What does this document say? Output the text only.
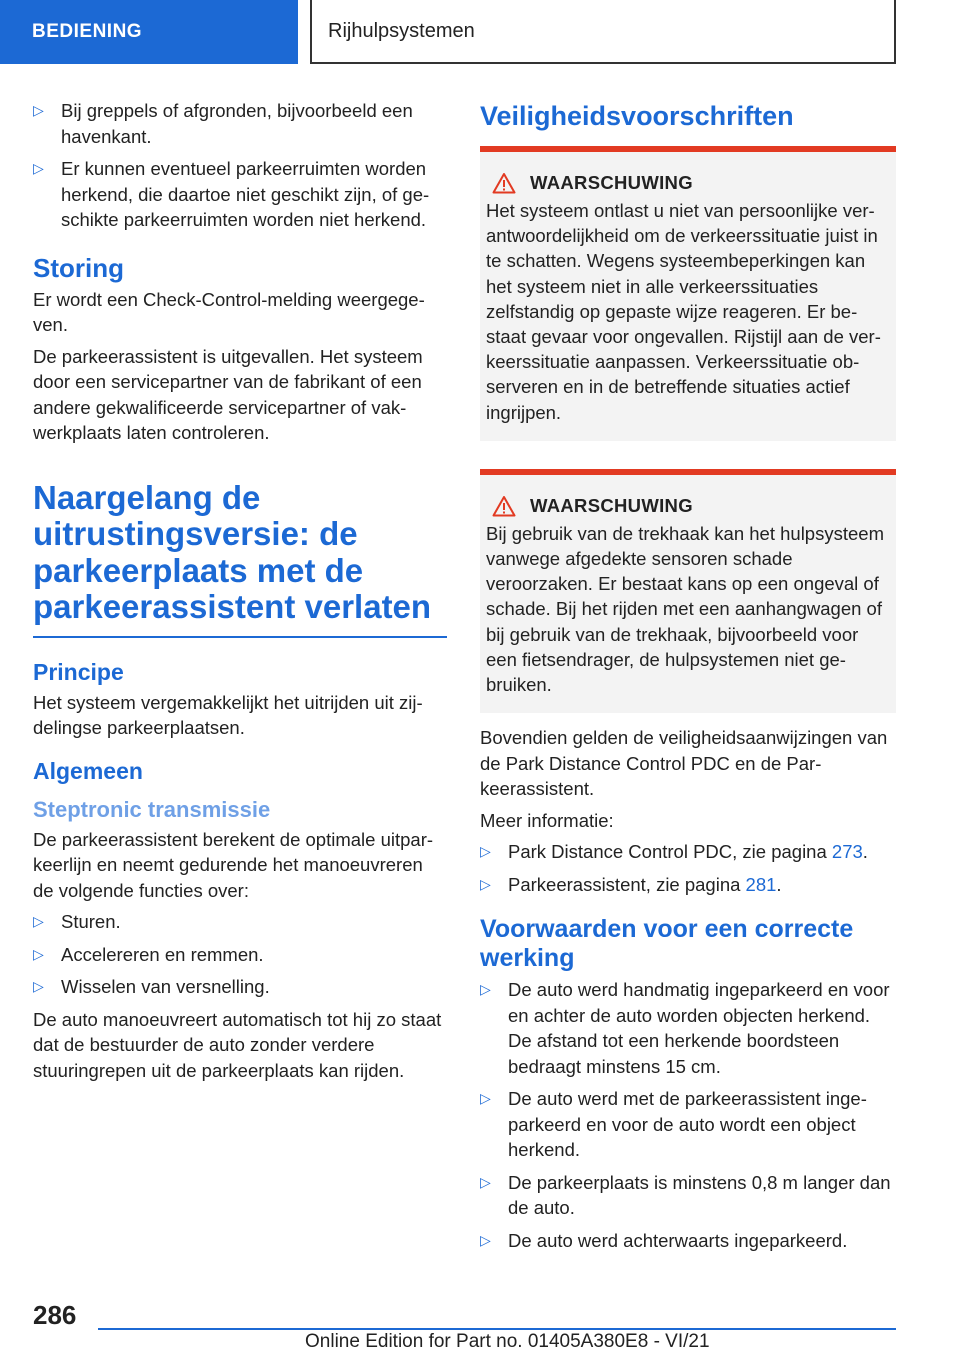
BEDIENING	Rijhulpsystemen
▷ Bij greppels of afgronden, bijvoorbeeld een havenkant.
▷ Er kunnen eventueel parkeerruimten worden herkend, die daartoe niet geschikt zijn, of geschikte parkeerruimten worden niet herkend.
Storing

Er wordt een Check-Control-melding weergegeven.

De parkeerassistent is uitgevallen. Het systeem door een servicepartner van de fabrikant of een andere gekwalificeerde servicepartner of vakwerkplaats laten controleren.

Naargelang de uitrustingsversie: de parkeerplaats met de parkeerassistent verlaten
Principe

Het systeem vergemakkelijkt het uitrijden uit zijdelingse parkeerplaatsen.

Algemeen
Steptronic transmissie

De parkeerassistent berekent de optimale uitparkeerlijn en neemt gedurende het manoeuvreren de volgende functies over:

▷ Sturen.
▷ Accelereren en remmen.
▷ Wisselen van versnelling.

De auto manoeuvreert automatisch tot hij zo staat dat de bestuurder de auto zonder verdere stuuringrepen uit de parkeerplaats kan rijden.

Veiligheidsvoorschriften
WAARSCHUWING

Het systeem ontlast u niet van persoonlijke verantwoordelijkheid om de verkeerssituatie juist in te schatten. Wegens systeembeperkingen kan het systeem niet in alle verkeerssituaties zelfstandig op gepaste wijze reageren. Er bestaat gevaar voor ongevallen. Rijstijl aan de verkeerssituatie aanpassen. Verkeerssituatie observeren en in de betreffende situaties actief ingrijpen.

WAARSCHUWING

Bij gebruik van de trekhaak kan het hulpsysteem vanwege afgedekte sensoren schade veroorzaken. Er bestaat kans op een ongeval of schade. Bij het rijden met een aanhangwagen of bij gebruik van de trekhaak, bijvoorbeeld voor een fietsendrager, de hulpsystemen niet gebruiken.

Bovendien gelden de veiligheidsaanwijzingen van de Park Distance Control PDC en de Parkeerassistent.

Meer informatie:

▷ Park Distance Control PDC, zie pagina 273.
▷ Parkeerassistent, zie pagina 281.
Voorwaarden voor een correcte werking
▷ De auto werd handmatig ingeparkeerd en voor en achter de auto worden objecten herkend. De afstand tot een herkende boordsteen bedraagt minstens 15 cm.
▷ De auto werd met de parkeerassistent ingeparkeerd en voor de auto wordt een object herkend.
▷ De parkeerplaats is minstens 0,8 m langer dan de auto.
▷ De auto werd achterwaarts ingeparkeerd.
286
Online Edition for Part no. 01405A380E8 - VI/21
